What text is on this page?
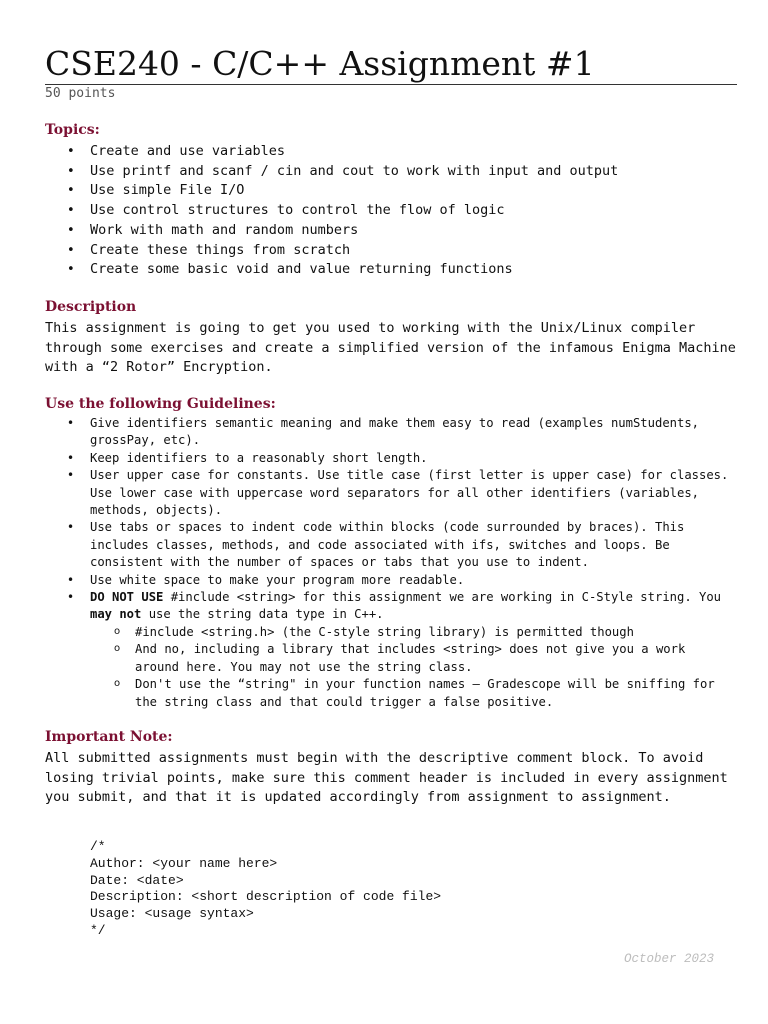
CSE240 - C/C++ Assignment #1
50 points
Topics:
• Create and use variables
• Use printf and scanf / cin and cout to work with input and output
• Use simple File I/O
• Use control structures to control the flow of logic
• Work with math and random numbers
• Create these things from scratch
• Create some basic void and value returning functions
Description

This assignment is going to get you used to working with the Unix/Linux compiler through some exercises and create a simplified version of the infamous Enigma Machine with a “2 Rotor” Encryption.

Use the following Guidelines:
• Give identifiers semantic meaning and make them easy to read (examples numStudents, grossPay, etc).
• Keep identifiers to a reasonably short length.
• User upper case for constants. Use title case (first letter is upper case) for classes. Use lower case with uppercase word separators for all other identifiers (variables, methods, objects).
• Use tabs or spaces to indent code within blocks (code surrounded by braces). This includes classes, methods, and code associated with ifs, switches and loops. Be consistent with the number of spaces or tabs that you use to indent.
• Use white space to make your program more readable.
• DO NOT USE #include <string> for this assignment we are working in C-Style string. You may not use the string data type in C++.
o #include <string.h> (the C-style string library) is permitted though
o And no, including a library that includes <string> does not give you a work around here. You may not use the string class.
o Don't use the “string" in your function names – Gradescope will be sniffing for the string class and that could trigger a false positive.
Important Note:

All submitted assignments must begin with the descriptive comment block. To avoid losing trivial points, make sure this comment header is included in every assignment you submit, and that it is updated accordingly from assignment to assignment.

/*
Author: <your name here>
Date: <date>
Description: <short description of code file>
Usage: <usage syntax>
*/
October 2023
